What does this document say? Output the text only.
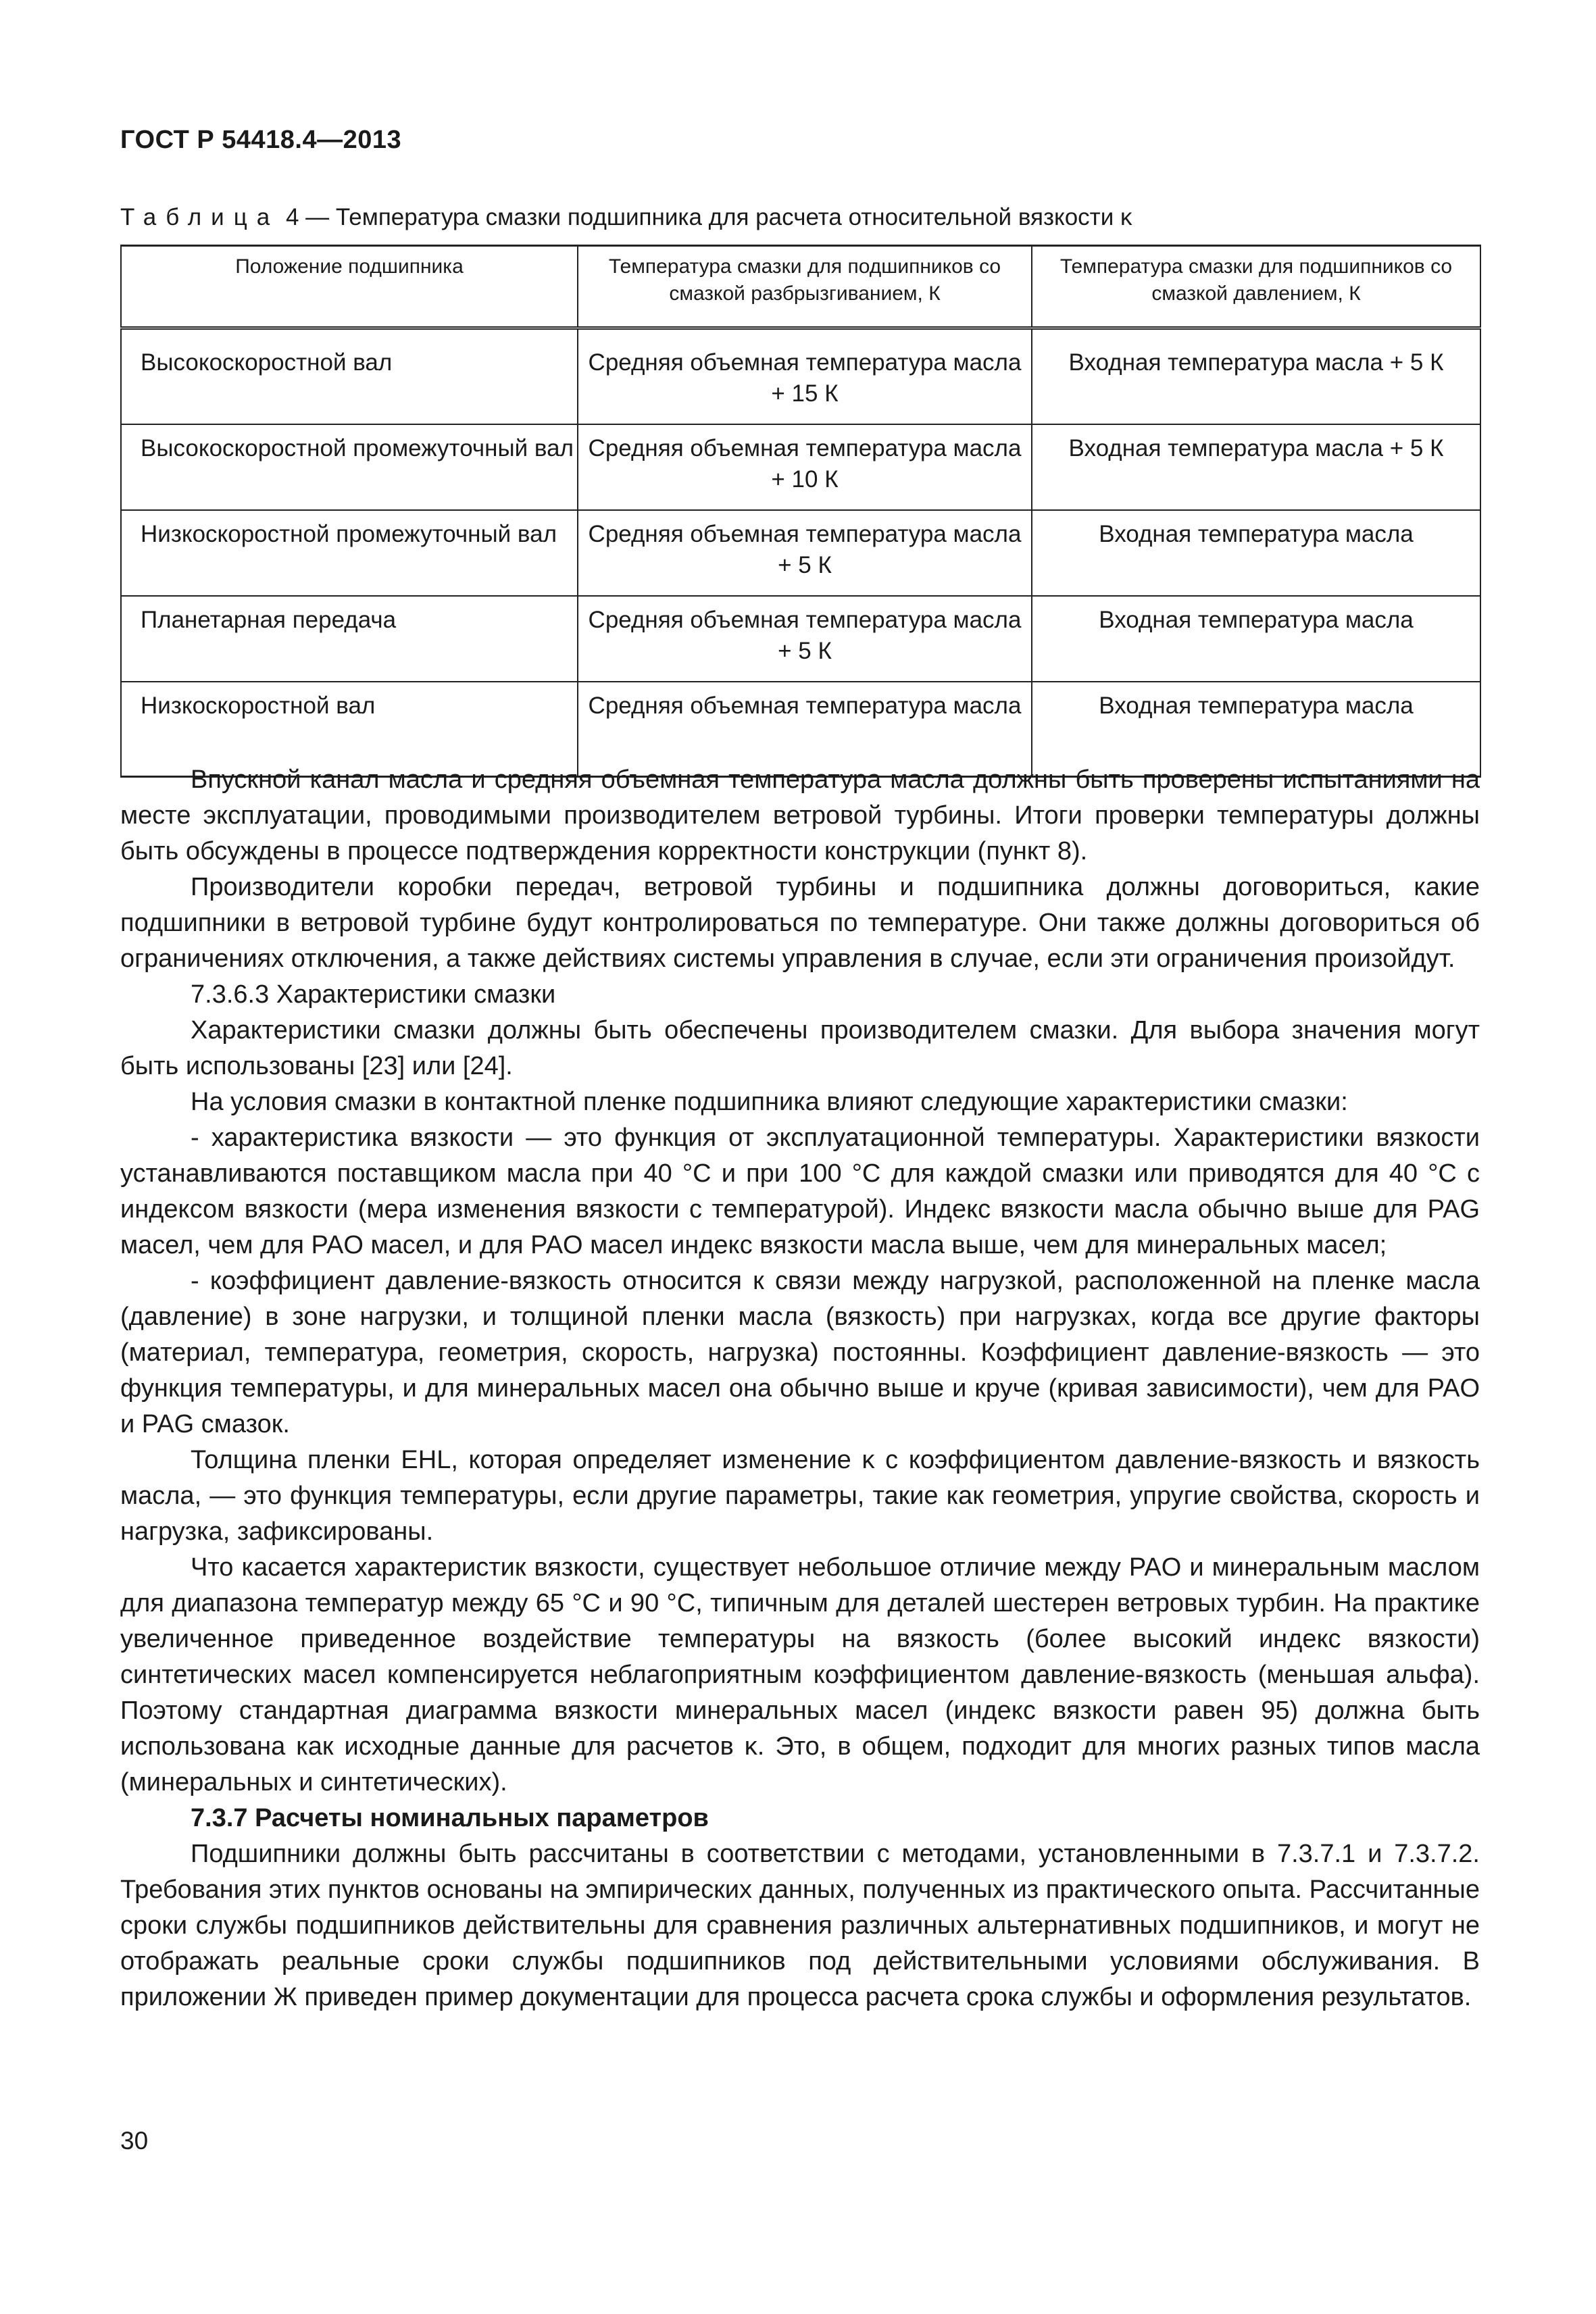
ГОСТ Р 54418.4—2013
Таблица 4 — Температура смазки подшипника для расчета относительной вязкости κ
Положение подшипника	Температура смазки для подшипников со смазкой разбрызгиванием, К	Температура смазки для подшипников со смазкой давлением, К
Высокоскоростной вал	Средняя объемная температура масла + 15 К	Входная температура масла + 5 К
Высокоскоростной промежуточный вал	Средняя объемная температура масла + 10 К	Входная температура масла + 5 К
Низкоскоростной промежуточный вал	Средняя объемная температура масла + 5 К	Входная температура масла
Планетарная передача	Средняя объемная температура масла + 5 К	Входная температура масла
Низкоскоростной вал	Средняя объемная температура масла	Входная температура масла

Впускной канал масла и средняя объемная температура масла должны быть проверены испытаниями на месте эксплуатации, проводимыми производителем ветровой турбины. Итоги проверки температуры должны быть обсуждены в процессе подтверждения корректности конструкции (пункт 8).

Производители коробки передач, ветровой турбины и подшипника должны договориться, какие подшипники в ветровой турбине будут контролироваться по температуре. Они также должны договориться об ограничениях отключения, а также действиях системы управления в случае, если эти ограничения произойдут.

7.3.6.3 Характеристики смазки

Характеристики смазки должны быть обеспечены производителем смазки. Для выбора значения могут быть использованы [23] или [24].

На условия смазки в контактной пленке подшипника влияют следующие характеристики смазки:

- характеристика вязкости — это функция от эксплуатационной температуры. Характеристики вязкости устанавливаются поставщиком масла при 40 °С и при 100 °С для каждой смазки или приводятся для 40 °С с индексом вязкости (мера изменения вязкости с температурой). Индекс вязкости масла обычно выше для PAG масел, чем для PAO масел, и для PAO масел индекс вязкости масла выше, чем для минеральных масел;

- коэффициент давление-вязкость относится к связи между нагрузкой, расположенной на пленке масла (давление) в зоне нагрузки, и толщиной пленки масла (вязкость) при нагрузках, когда все другие факторы (материал, температура, геометрия, скорость, нагрузка) постоянны. Коэффициент давление-вязкость — это функция температуры, и для минеральных масел она обычно выше и круче (кривая зависимости), чем для PAO и PAG смазок.

Толщина пленки EHL, которая определяет изменение κ с коэффициентом давление-вязкость и вязкость масла, — это функция температуры, если другие параметры, такие как геометрия, упругие свойства, скорость и нагрузка, зафиксированы.

Что касается характеристик вязкости, существует небольшое отличие между PAO и минеральным маслом для диапазона температур между 65 °С и 90 °С, типичным для деталей шестерен ветровых турбин. На практике увеличенное приведенное воздействие температуры на вязкость (более высокий индекс вязкости) синтетических масел компенсируется неблагоприятным коэффициентом давление-вязкость (меньшая альфа). Поэтому стандартная диаграмма вязкости минеральных масел (индекс вязкости равен 95) должна быть использована как исходные данные для расчетов κ. Это, в общем, подходит для многих разных типов масла (минеральных и синтетических).

7.3.7 Расчеты номинальных параметров

Подшипники должны быть рассчитаны в соответствии с методами, установленными в 7.3.7.1 и 7.3.7.2. Требования этих пунктов основаны на эмпирических данных, полученных из практического опыта. Рассчитанные сроки службы подшипников действительны для сравнения различных альтернативных подшипников, и могут не отображать реальные сроки службы подшипников под действительными условиями обслуживания. В приложении Ж приведен пример документации для процесса расчета срока службы и оформления результатов.

30
